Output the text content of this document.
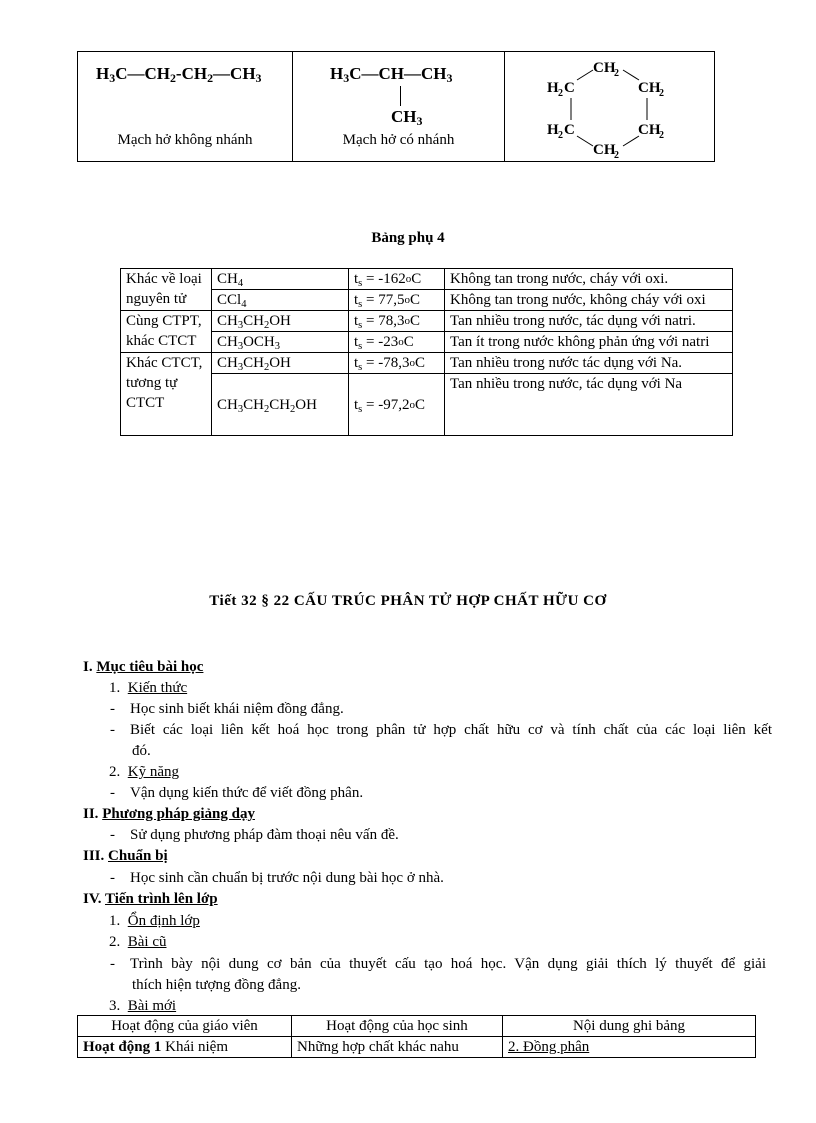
$H_3C—CH_2-CH_2—CH_3$
Mạch hở không nhánh

$H_3C—CH—CH_3$
$CH_3$
Mạch hở có nhánh

CH
2
H 2 C	CH
2
H 2 C	CH
2
CH
2
Bảng phụ 4
Khác về loại nguyên tử	$CH_4$	$t_s = -162oC$	Không tan trong nước, cháy với oxi.
	CCl$_4$	$t_s = 77,5oC$	Không tan trong nước, không cháy với oxi
Cùng CTPT, khác CTCT	$CH_3CH_2OH$	$t_s = 78,3oC$	Tan nhiều trong nước, tác dụng với natri.
	$CH_3OCH_3$	$t_s = -23oC$	Tan ít trong nước không phản ứng với natri
Khác CTCT, tương tự CTCT	$CH_3CH_2OH$	$t_s = -78,3oC$	Tan nhiều trong nước tác dụng với Na.
	$CH_3CH_2CH_2OH$	$t_s = -97,2oC$	Tan nhiều trong nước, tác dụng với Na
Tiết 32 § 22 CẤU TRÚC PHÂN TỬ HỢP CHẤT HỮU CƠ
I. Mục tiêu bài học
1.  Kiến thức
-    Học sinh biết khái niệm đồng đẳng.
-    Biết các loại liên kết hoá học trong phân tử hợp chất hữu cơ và tính chất của các loại liên kết
đó.
2.  Kỹ năng
-    Vận dụng kiến thức để viết đồng phân.
II. Phương pháp giảng dạy
-    Sử dụng phương pháp đàm thoại nêu vấn đề.
III. Chuẩn bị
-    Học sinh cần chuẩn bị trước nội dung bài học ở nhà.
IV. Tiến trình lên lớp
1.  Ổn định lớp
2.  Bài cũ
-    Trình bày nội dung cơ bản của thuyết cấu tạo hoá học. Vận dụng giải thích lý thuyết để giải
thích hiện tượng đồng đẳng.
3.  Bài mới
Hoạt động của giáo viên	Hoạt động của học sinh	Nội dung ghi bảng
Hoạt động 1 Khái niệm	Những hợp chất khác nahu	2. Đồng phân
